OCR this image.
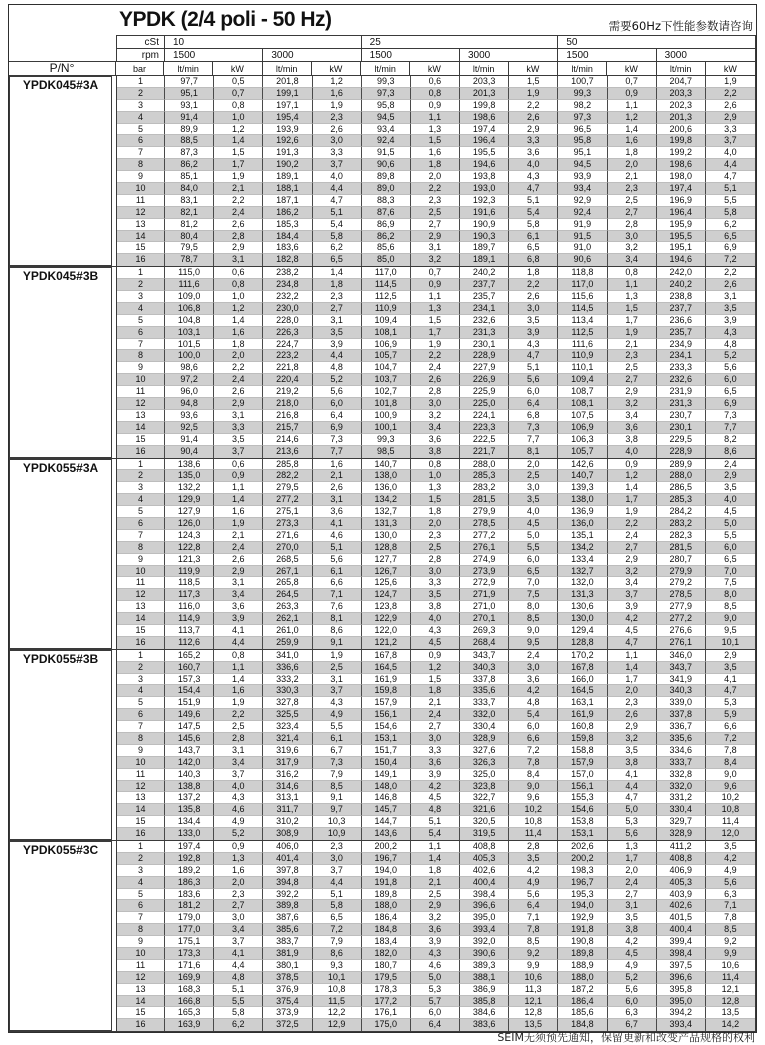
YPDK (2/4 poli - 50 Hz)	需要60Hz下性能参数请咨询
cSt	10	25	50
rpm	1500	3000	1500	3000	1500	3000
P/N°	bar	lt/min	kW	lt/min	kW	lt/min	kW	lt/min	kW	lt/min	kW	lt/min	kW
YPDK045#3A	1	97,7	0,5	201,8	1,2	99,3	0,6	203,3	1,5	100,7	0,7	204,7	1,9
2	95,1	0,7	199,1	1,6	97,3	0,8	201,3	1,9	99,3	0,9	203,3	2,2
3	93,1	0,8	197,1	1,9	95,8	0,9	199,8	2,2	98,2	1,1	202,3	2,6
4	91,4	1,0	195,4	2,3	94,5	1,1	198,6	2,6	97,3	1,2	201,3	2,9
5	89,9	1,2	193,9	2,6	93,4	1,3	197,4	2,9	96,5	1,4	200,6	3,3
6	88,5	1,4	192,6	3,0	92,4	1,5	196,4	3,3	95,8	1,6	199,8	3,7
7	87,3	1,5	191,3	3,3	91,5	1,6	195,5	3,6	95,1	1,8	199,2	4,0
8	86,2	1,7	190,2	3,7	90,6	1,8	194,6	4,0	94,5	2,0	198,6	4,4
9	85,1	1,9	189,1	4,0	89,8	2,0	193,8	4,3	93,9	2,1	198,0	4,7
10	84,0	2,1	188,1	4,4	89,0	2,2	193,0	4,7	93,4	2,3	197,4	5,1
11	83,1	2,2	187,1	4,7	88,3	2,3	192,3	5,1	92,9	2,5	196,9	5,5
12	82,1	2,4	186,2	5,1	87,6	2,5	191,6	5,4	92,4	2,7	196,4	5,8
13	81,2	2,6	185,3	5,4	86,9	2,7	190,9	5,8	91,9	2,8	195,9	6,2
14	80,4	2,8	184,4	5,8	86,2	2,9	190,3	6,1	91,5	3,0	195,5	6,5
15	79,5	2,9	183,6	6,2	85,6	3,1	189,7	6,5	91,0	3,2	195,1	6,9
16	78,7	3,1	182,8	6,5	85,0	3,2	189,1	6,8	90,6	3,4	194,6	7,2
YPDK045#3B	1	115,0	0,6	238,2	1,4	117,0	0,7	240,2	1,8	118,8	0,8	242,0	2,2
2	111,6	0,8	234,8	1,8	114,5	0,9	237,7	2,2	117,0	1,1	240,2	2,6
3	109,0	1,0	232,2	2,3	112,5	1,1	235,7	2,6	115,6	1,3	238,8	3,1
4	106,8	1,2	230,0	2,7	110,9	1,3	234,1	3,0	114,5	1,5	237,7	3,5
5	104,8	1,4	228,0	3,1	109,4	1,5	232,6	3,5	113,4	1,7	236,6	3,9
6	103,1	1,6	226,3	3,5	108,1	1,7	231,3	3,9	112,5	1,9	235,7	4,3
7	101,5	1,8	224,7	3,9	106,9	1,9	230,1	4,3	111,6	2,1	234,9	4,8
8	100,0	2,0	223,2	4,4	105,7	2,2	228,9	4,7	110,9	2,3	234,1	5,2
9	98,6	2,2	221,8	4,8	104,7	2,4	227,9	5,1	110,1	2,5	233,3	5,6
10	97,2	2,4	220,4	5,2	103,7	2,6	226,9	5,6	109,4	2,7	232,6	6,0
11	96,0	2,6	219,2	5,6	102,7	2,8	225,9	6,0	108,7	2,9	231,9	6,5
12	94,8	2,9	218,0	6,0	101,8	3,0	225,0	6,4	108,1	3,2	231,3	6,9
13	93,6	3,1	216,8	6,4	100,9	3,2	224,1	6,8	107,5	3,4	230,7	7,3
14	92,5	3,3	215,7	6,9	100,1	3,4	223,3	7,3	106,9	3,6	230,1	7,7
15	91,4	3,5	214,6	7,3	99,3	3,6	222,5	7,7	106,3	3,8	229,5	8,2
16	90,4	3,7	213,6	7,7	98,5	3,8	221,7	8,1	105,7	4,0	228,9	8,6
YPDK055#3A	1	138,6	0,6	285,8	1,6	140,7	0,8	288,0	2,0	142,6	0,9	289,9	2,4
2	135,0	0,9	282,2	2,1	138,0	1,0	285,3	2,5	140,7	1,2	288,0	2,9
3	132,2	1,1	279,5	2,6	136,0	1,3	283,2	3,0	139,3	1,4	286,5	3,5
4	129,9	1,4	277,2	3,1	134,2	1,5	281,5	3,5	138,0	1,7	285,3	4,0
5	127,9	1,6	275,1	3,6	132,7	1,8	279,9	4,0	136,9	1,9	284,2	4,5
6	126,0	1,9	273,3	4,1	131,3	2,0	278,5	4,5	136,0	2,2	283,2	5,0
7	124,3	2,1	271,6	4,6	130,0	2,3	277,2	5,0	135,1	2,4	282,3	5,5
8	122,8	2,4	270,0	5,1	128,8	2,5	276,1	5,5	134,2	2,7	281,5	6,0
9	121,3	2,6	268,5	5,6	127,7	2,8	274,9	6,0	133,4	2,9	280,7	6,5
10	119,9	2,9	267,1	6,1	126,7	3,0	273,9	6,5	132,7	3,2	279,9	7,0
11	118,5	3,1	265,8	6,6	125,6	3,3	272,9	7,0	132,0	3,4	279,2	7,5
12	117,3	3,4	264,5	7,1	124,7	3,5	271,9	7,5	131,3	3,7	278,5	8,0
13	116,0	3,6	263,3	7,6	123,8	3,8	271,0	8,0	130,6	3,9	277,9	8,5
14	114,9	3,9	262,1	8,1	122,9	4,0	270,1	8,5	130,0	4,2	277,2	9,0
15	113,7	4,1	261,0	8,6	122,0	4,3	269,3	9,0	129,4	4,5	276,6	9,5
16	112,6	4,4	259,9	9,1	121,2	4,5	268,4	9,5	128,8	4,7	276,1	10,1
YPDK055#3B	1	165,2	0,8	341,0	1,9	167,8	0,9	343,7	2,4	170,2	1,1	346,0	2,9
2	160,7	1,1	336,6	2,5	164,5	1,2	340,3	3,0	167,8	1,4	343,7	3,5
3	157,3	1,4	333,2	3,1	161,9	1,5	337,8	3,6	166,0	1,7	341,9	4,1
4	154,4	1,6	330,3	3,7	159,8	1,8	335,6	4,2	164,5	2,0	340,3	4,7
5	151,9	1,9	327,8	4,3	157,9	2,1	333,7	4,8	163,1	2,3	339,0	5,3
6	149,6	2,2	325,5	4,9	156,1	2,4	332,0	5,4	161,9	2,6	337,8	5,9
7	147,5	2,5	323,4	5,5	154,6	2,7	330,4	6,0	160,8	2,9	336,7	6,6
8	145,6	2,8	321,4	6,1	153,1	3,0	328,9	6,6	159,8	3,2	335,6	7,2
9	143,7	3,1	319,6	6,7	151,7	3,3	327,6	7,2	158,8	3,5	334,6	7,8
10	142,0	3,4	317,9	7,3	150,4	3,6	326,3	7,8	157,9	3,8	333,7	8,4
11	140,3	3,7	316,2	7,9	149,1	3,9	325,0	8,4	157,0	4,1	332,8	9,0
12	138,8	4,0	314,6	8,5	148,0	4,2	323,8	9,0	156,1	4,4	332,0	9,6
13	137,2	4,3	313,1	9,1	146,8	4,5	322,7	9,6	155,3	4,7	331,2	10,2
14	135,8	4,6	311,7	9,7	145,7	4,8	321,6	10,2	154,6	5,0	330,4	10,8
15	134,4	4,9	310,2	10,3	144,7	5,1	320,5	10,8	153,8	5,3	329,7	11,4
16	133,0	5,2	308,9	10,9	143,6	5,4	319,5	11,4	153,1	5,6	328,9	12,0
YPDK055#3C	1	197,4	0,9	406,0	2,3	200,2	1,1	408,8	2,8	202,6	1,3	411,2	3,5
2	192,8	1,3	401,4	3,0	196,7	1,4	405,3	3,5	200,2	1,7	408,8	4,2
3	189,2	1,6	397,8	3,7	194,0	1,8	402,6	4,2	198,3	2,0	406,9	4,9
4	186,3	2,0	394,8	4,4	191,8	2,1	400,4	4,9	196,7	2,4	405,3	5,6
5	183,6	2,3	392,2	5,1	189,8	2,5	398,4	5,6	195,3	2,7	403,9	6,3
6	181,2	2,7	389,8	5,8	188,0	2,9	396,6	6,4	194,0	3,1	402,6	7,1
7	179,0	3,0	387,6	6,5	186,4	3,2	395,0	7,1	192,9	3,5	401,5	7,8
8	177,0	3,4	385,6	7,2	184,8	3,6	393,4	7,8	191,8	3,8	400,4	8,5
9	175,1	3,7	383,7	7,9	183,4	3,9	392,0	8,5	190,8	4,2	399,4	9,2
10	173,3	4,1	381,9	8,6	182,0	4,3	390,6	9,2	189,8	4,5	398,4	9,9
11	171,6	4,4	380,1	9,3	180,7	4,6	389,3	9,9	188,9	4,9	397,5	10,6
12	169,9	4,8	378,5	10,1	179,5	5,0	388,1	10,6	188,0	5,2	396,6	11,4
13	168,3	5,1	376,9	10,8	178,3	5,3	386,9	11,3	187,2	5,6	395,8	12,1
14	166,8	5,5	375,4	11,5	177,2	5,7	385,8	12,1	186,4	6,0	395,0	12,8
15	165,3	5,8	373,9	12,2	176,1	6,0	384,6	12,8	185,6	6,3	394,2	13,5
16	163,9	6,2	372,5	12,9	175,0	6,4	383,6	13,5	184,8	6,7	393,4	14,2
SEIM无须预先通知，保留更新和改变产品规格的权利
